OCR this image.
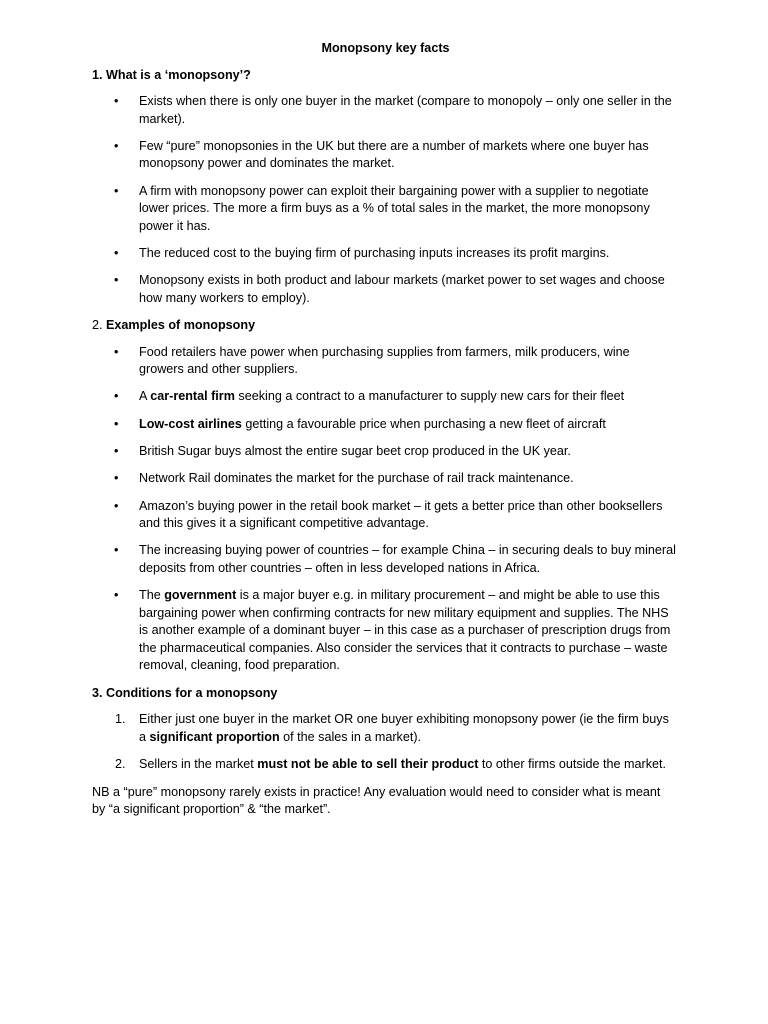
Monopsony key facts
1. What is a ‘monopsony’?
• Exists when there is only one buyer in the market (compare to monopoly – only one seller in the market).
• Few “pure” monopsonies in the UK but there are a number of markets where one buyer has monopsony power and dominates the market.
• A firm with monopsony power can exploit their bargaining power with a supplier to negotiate lower prices. The more a firm buys as a % of total sales in the market, the more monopsony power it has.
• The reduced cost to the buying firm of purchasing inputs increases its profit margins.
• Monopsony exists in both product and labour markets (market power to set wages and choose how many workers to employ).
2. Examples of monopsony
• Food retailers have power when purchasing supplies from farmers, milk producers, wine growers and other suppliers.
• A car-rental firm seeking a contract to a manufacturer to supply new cars for their fleet
• Low-cost airlines getting a favourable price when purchasing a new fleet of aircraft
• British Sugar buys almost the entire sugar beet crop produced in the UK year.
• Network Rail dominates the market for the purchase of rail track maintenance.
• Amazon’s buying power in the retail book market – it gets a better price than other booksellers and this gives it a significant competitive advantage.
• The increasing buying power of countries – for example China – in securing deals to buy mineral deposits from other countries – often in less developed nations in Africa.
• The government is a major buyer e.g. in military procurement – and might be able to use this bargaining power when confirming contracts for new military equipment and supplies. The NHS is another example of a dominant buyer – in this case as a purchaser of prescription drugs from the pharmaceutical companies. Also consider the services that it contracts to purchase – waste removal, cleaning, food preparation.
3. Conditions for a monopsony
1. Either just one buyer in the market OR one buyer exhibiting monopsony power (ie the firm buys a significant proportion of the sales in a market).
2. Sellers in the market must not be able to sell their product to other firms outside the market.

NB a “pure” monopsony rarely exists in practice! Any evaluation would need to consider what is meant by “a significant proportion” & “the market”.
